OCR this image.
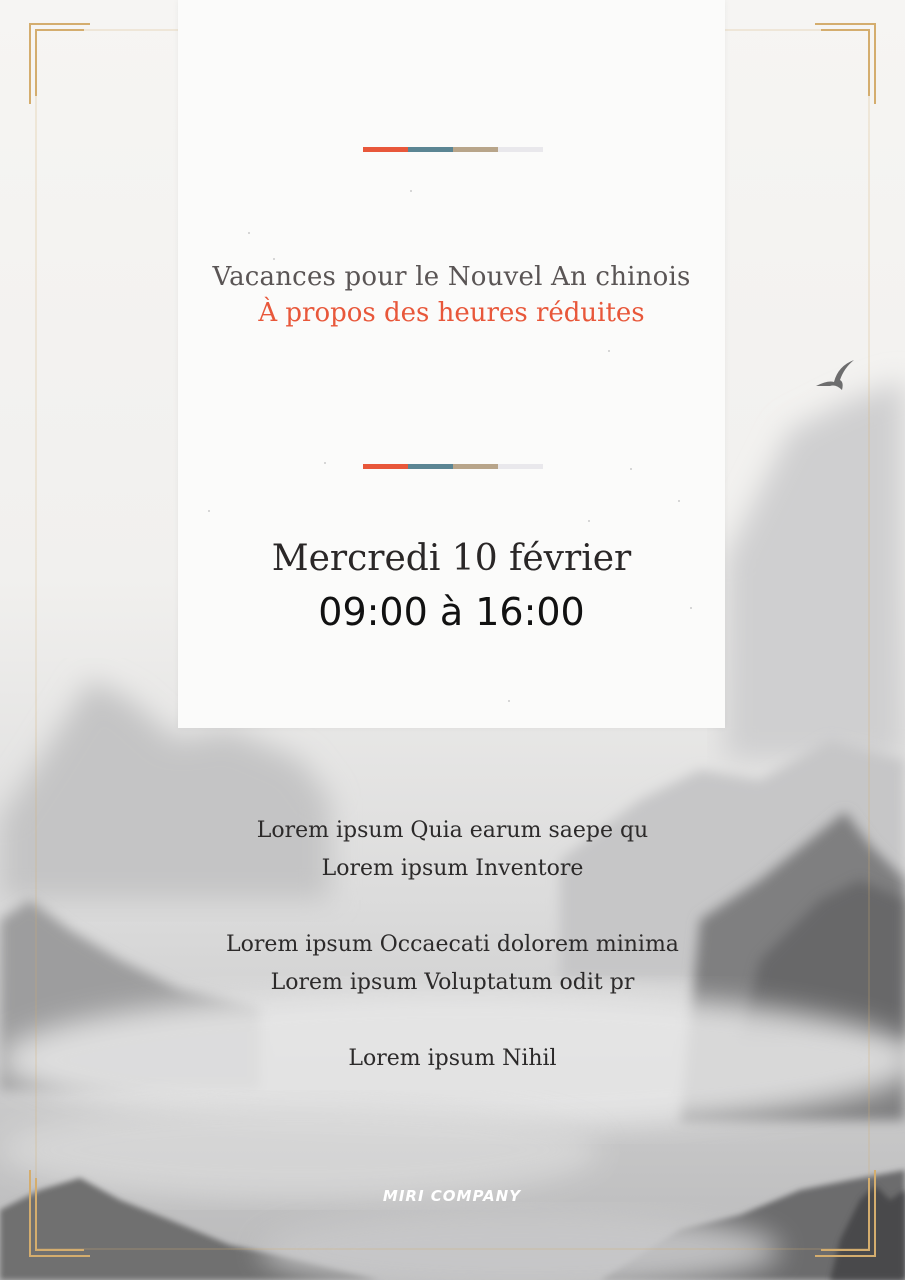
Vacances pour le Nouvel An chinois
À propos des heures réduites
Mercredi 10 février
09:00 à 16:00
Lorem ipsum Quia earum saepe qu
Lorem ipsum Inventore
Lorem ipsum Occaecati dolorem minima
Lorem ipsum Voluptatum odit pr
Lorem ipsum Nihil
MIRI COMPANY
